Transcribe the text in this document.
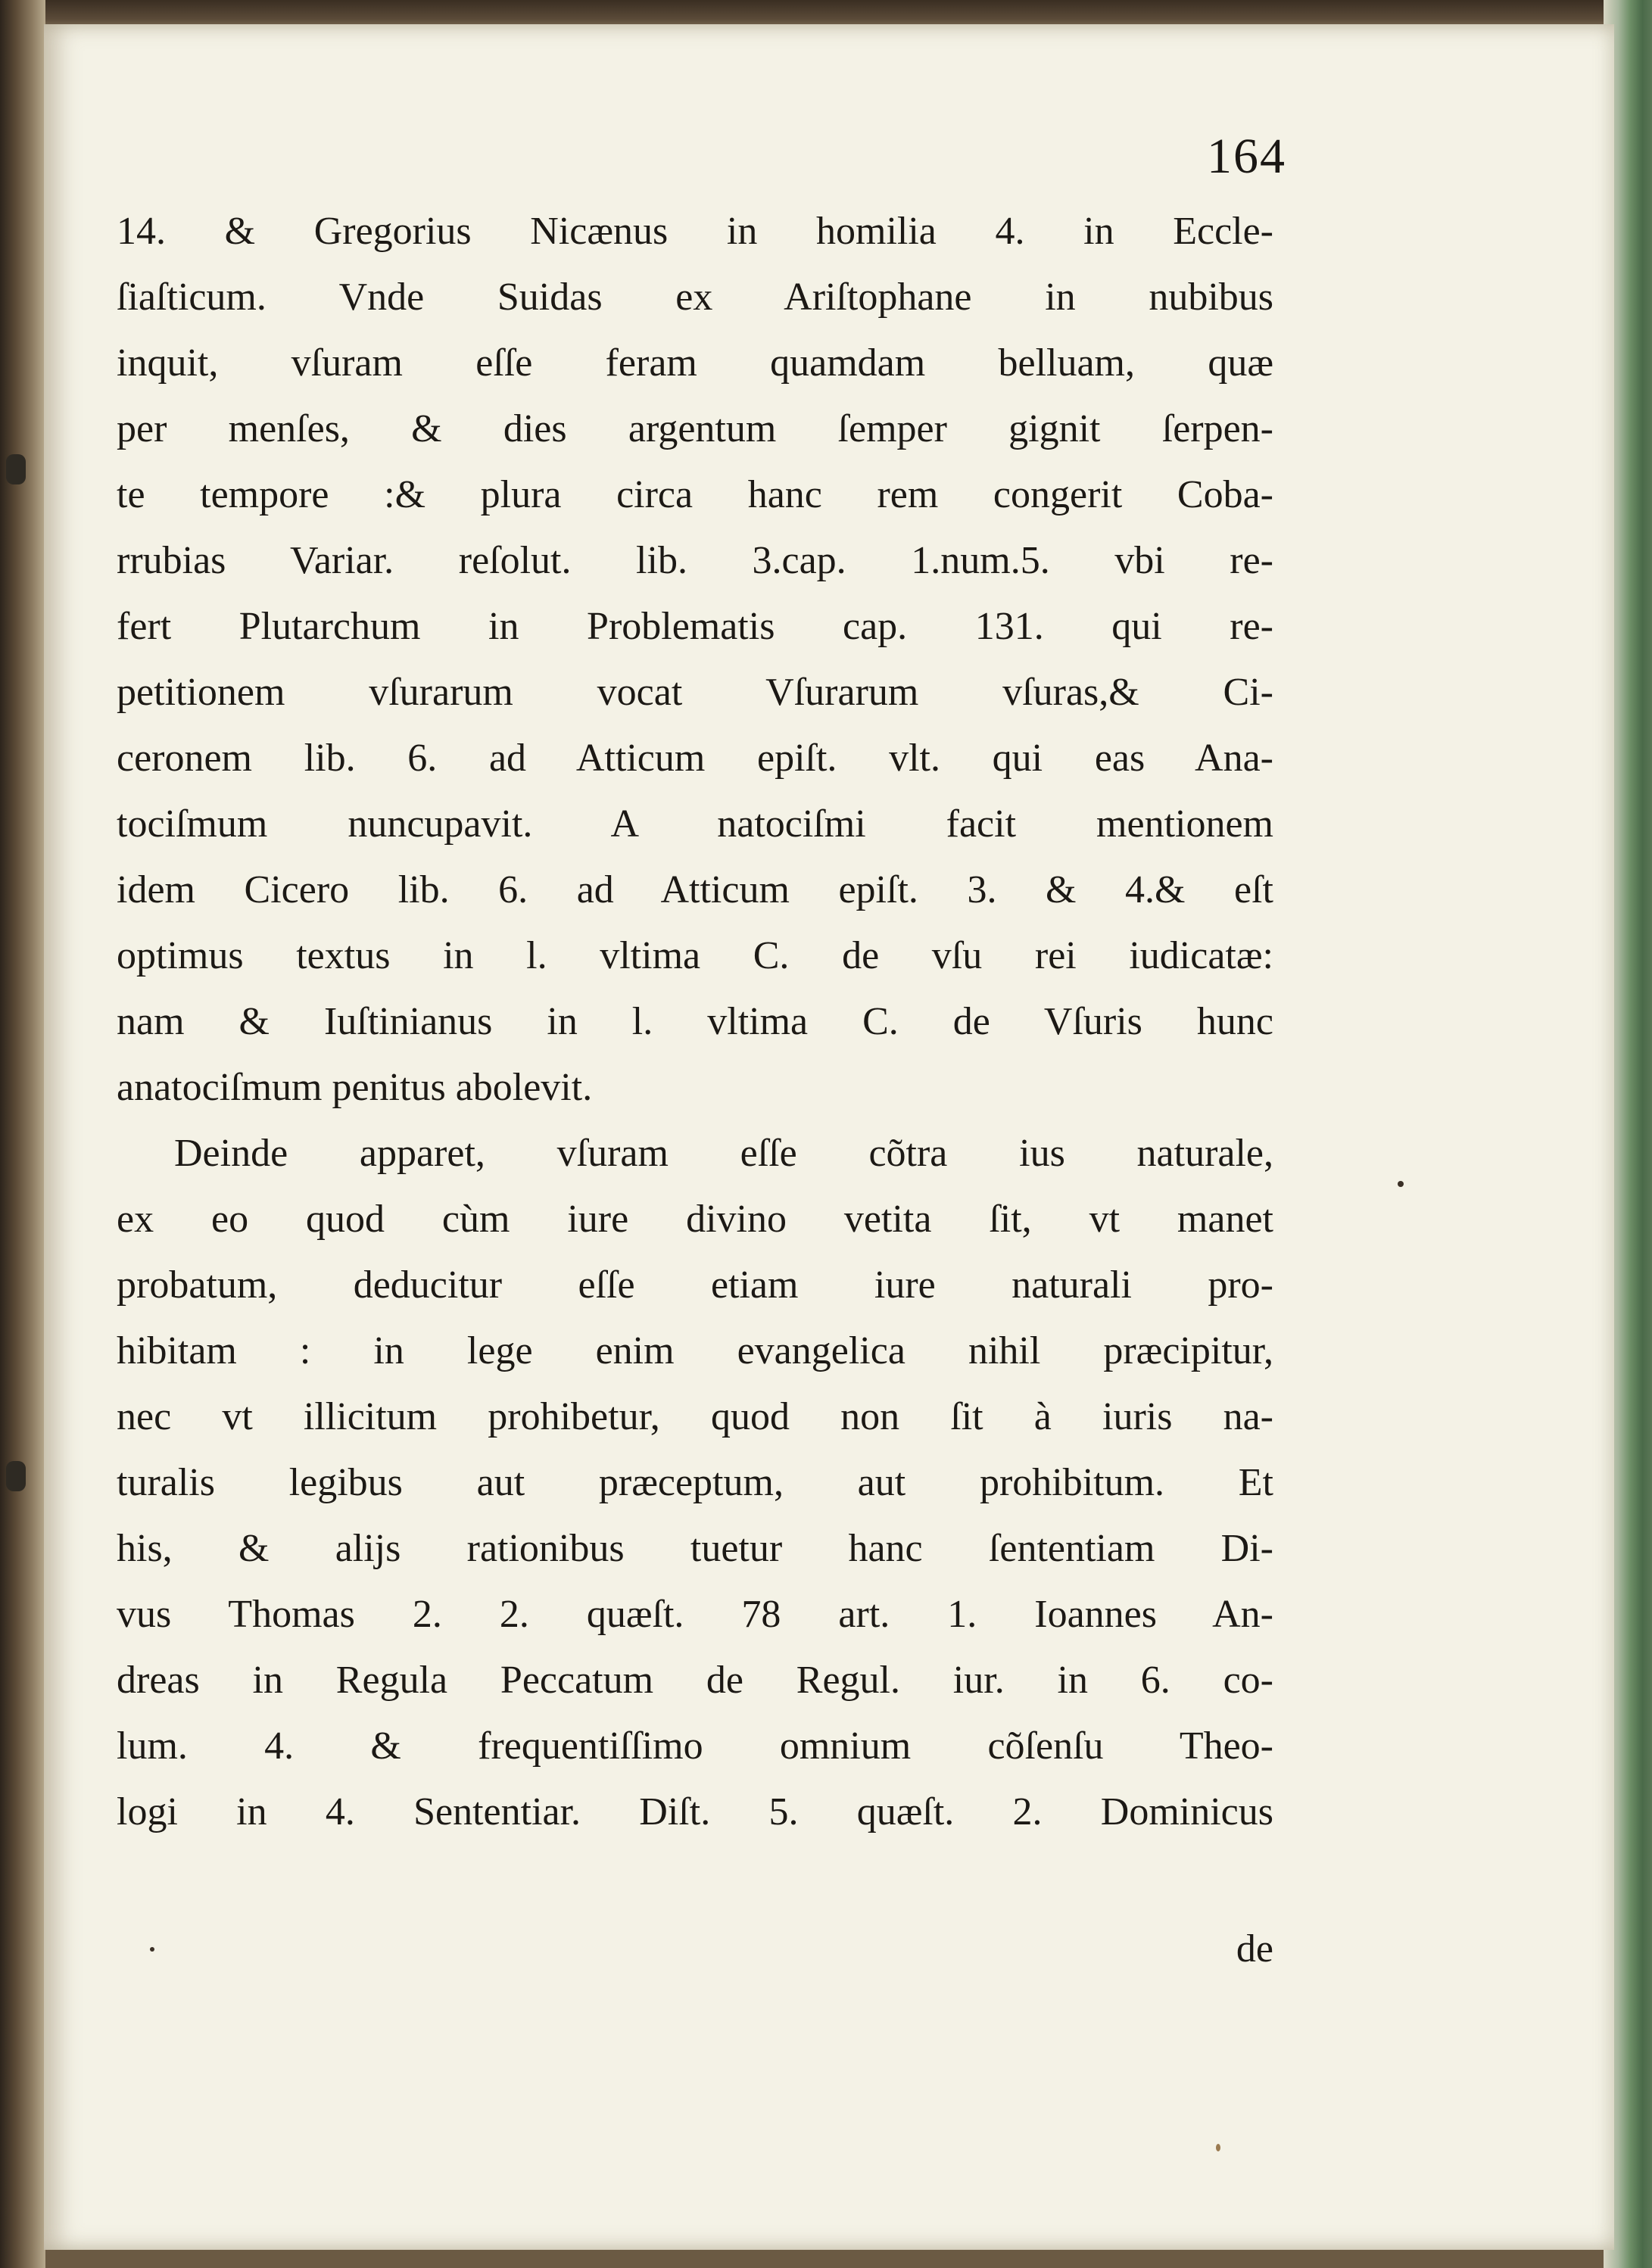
164
14. & Gregorius Nicænus in homilia 4. in Eccle-
ſiaſticum. Vnde Suidas ex Ariſtophane in nubibus
inquit, vſuram eſſe feram quamdam belluam, quæ
per menſes, & dies argentum ſemper gignit ſerpen-
te tempore :& plura circa hanc rem congerit Coba-
rrubias Variar. reſolut. lib. 3.cap. 1.num.5. vbi re-
fert Plutarchum in Problematis cap. 131. qui re-
petitionem vſurarum vocat Vſurarum vſuras,& Ci-
ceronem lib. 6. ad Atticum epiſt. vlt. qui eas Ana-
tociſmum nuncupavit. A natociſmi facit mentionem
idem Cicero lib. 6. ad Atticum epiſt. 3. & 4.& eſt
optimus textus in l. vltima C. de vſu rei iudicatæ:
nam & Iuſtinianus in l. vltima C. de Vſuris hunc
anatociſmum penitus abolevit.
Deinde apparet, vſuram eſſe cõtra ius naturale,
ex eo quod cùm iure divino vetita ſit, vt manet
probatum, deducitur eſſe etiam iure naturali pro-
hibitam : in lege enim evangelica nihil præcipitur,
nec vt illicitum prohibetur, quod non ſit à iuris na-
turalis legibus aut præceptum, aut prohibitum. Et
his, & alijs rationibus tuetur hanc ſententiam Di-
vus Thomas 2. 2. quæſt. 78 art. 1. Ioannes An-
dreas in Regula Peccatum de Regul. iur. in 6. co-
lum. 4. & frequentiſſimo omnium cõſenſu Theo-
logi in 4. Sententiar. Diſt. 5. quæſt. 2. Dominicus
de
